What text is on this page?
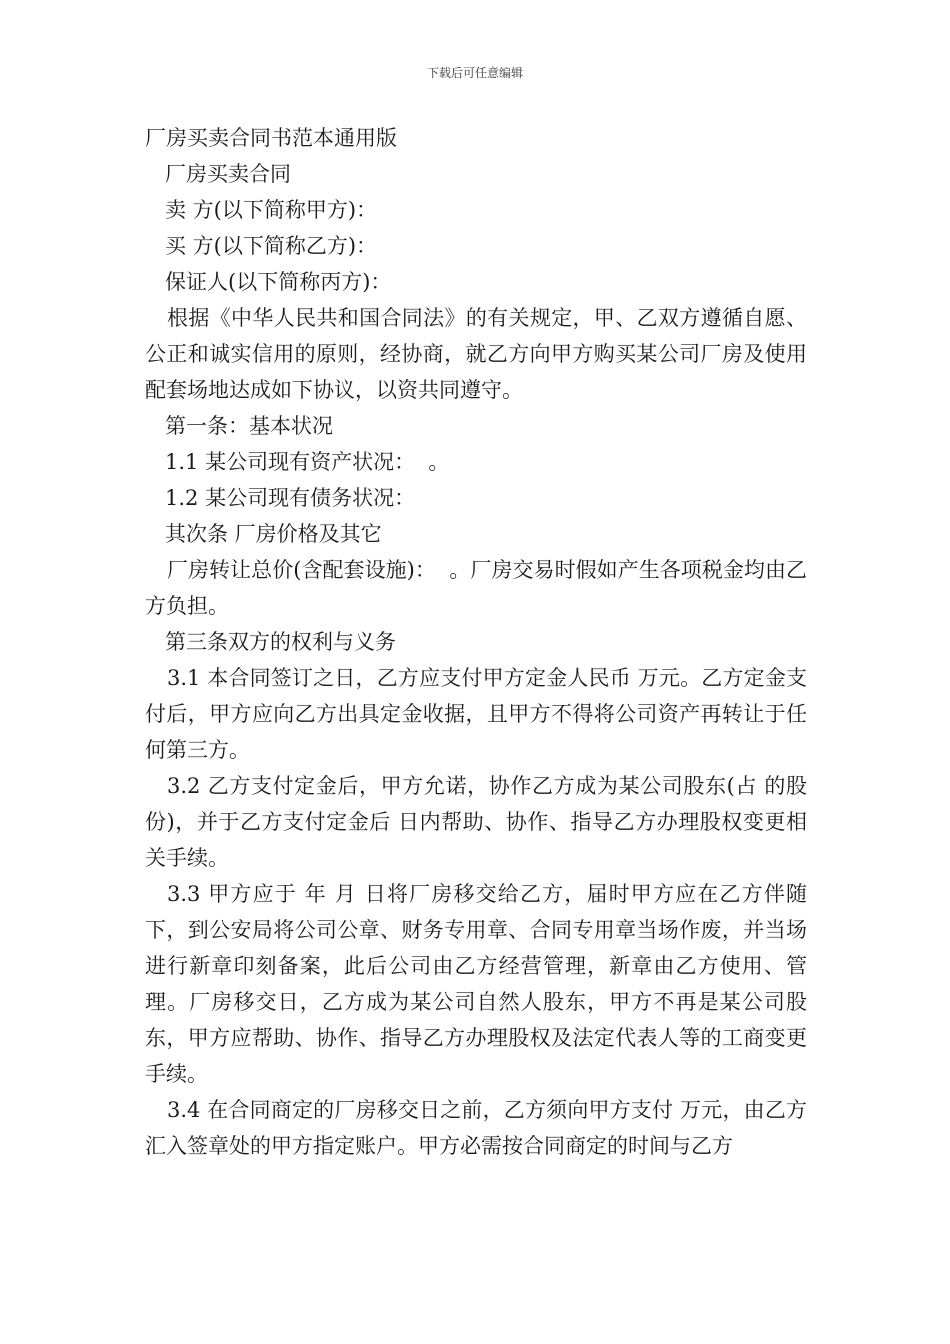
下载后可任意编辑

厂房买卖合同书范本通用版

厂房买卖合同

卖 方(以下简称甲方)：

买 方(以下简称乙方)：

保证人(以下简称丙方)：

根据《中华人民共和国合同法》的有关规定，甲、乙双方遵循自愿、公正和诚实信用的原则，经协商，就乙方向甲方购买某公司厂房及使用配套场地达成如下协议，以资共同遵守。

第一条：基本状况

1.1 某公司现有资产状况：  。

1.2 某公司现有债务状况：

其次条 厂房价格及其它

厂房转让总价(含配套设施)：  。厂房交易时假如产生各项税金均由乙方负担。

第三条双方的权利与义务

3.1 本合同签订之日，乙方应支付甲方定金人民币 万元。乙方定金支付后，甲方应向乙方出具定金收据，且甲方不得将公司资产再转让于任何第三方。

3.2 乙方支付定金后，甲方允诺，协作乙方成为某公司股东(占 的股份)，并于乙方支付定金后 日内帮助、协作、指导乙方办理股权变更相关手续。

3.3 甲方应于 年 月 日将厂房移交给乙方，届时甲方应在乙方伴随下，到公安局将公司公章、财务专用章、合同专用章当场作废，并当场进行新章印刻备案，此后公司由乙方经营管理，新章由乙方使用、管理。厂房移交日，乙方成为某公司自然人股东，甲方不再是某公司股东，甲方应帮助、协作、指导乙方办理股权及法定代表人等的工商变更手续。

3.4 在合同商定的厂房移交日之前，乙方须向甲方支付 万元，由乙方汇入签章处的甲方指定账户。甲方必需按合同商定的时间与乙方
